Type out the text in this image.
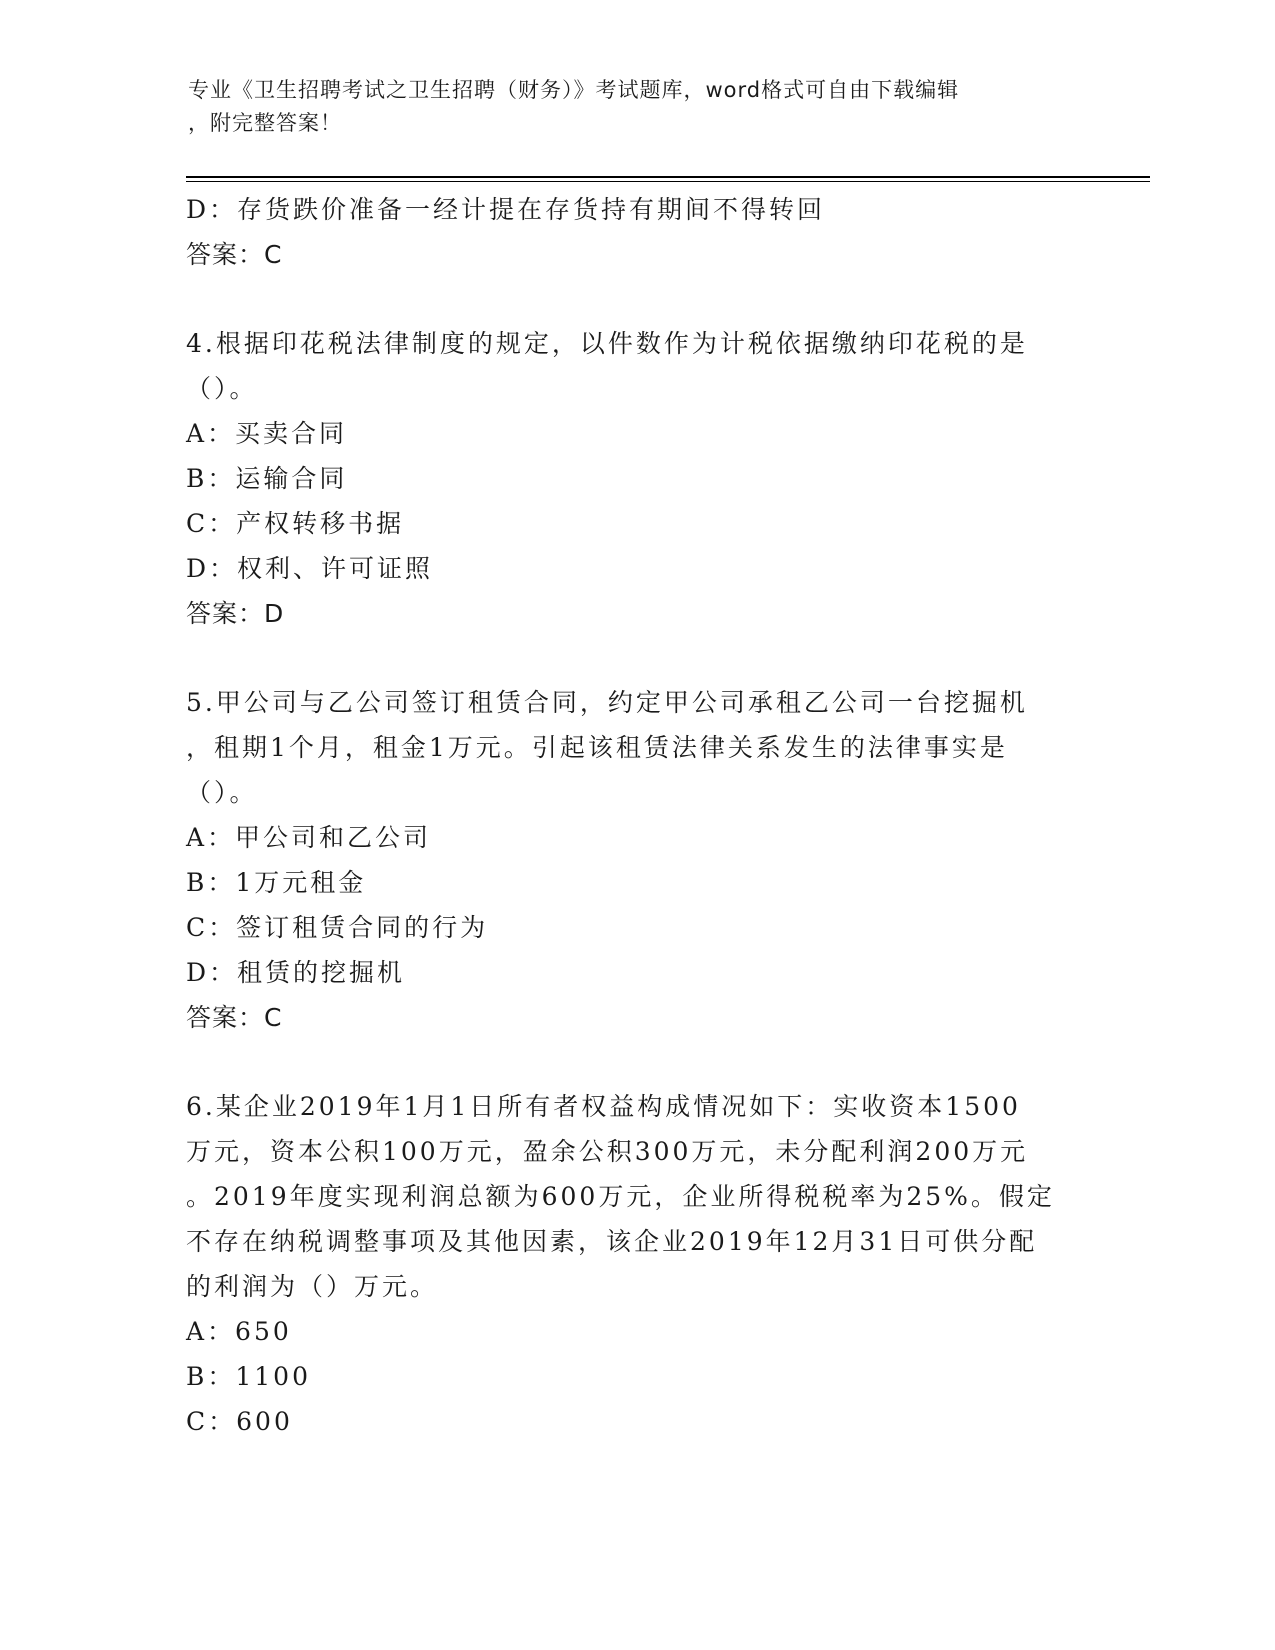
专业《卫生招聘考试之卫生招聘（财务）》考试题库，word格式可自由下载编辑
，附完整答案！
D：存货跌价准备一经计提在存货持有期间不得转回
答案：C
4.根据印花税法律制度的规定，以件数作为计税依据缴纳印花税的是
（）。
A：买卖合同
B：运输合同
C：产权转移书据
D：权利、许可证照
答案：D
5.甲公司与乙公司签订租赁合同，约定甲公司承租乙公司一台挖掘机
，租期1个月，租金1万元。引起该租赁法律关系发生的法律事实是
（）。
A：甲公司和乙公司
B：1万元租金
C：签订租赁合同的行为
D：租赁的挖掘机
答案：C
6.某企业2019年1月1日所有者权益构成情况如下：实收资本1500
万元，资本公积100万元，盈余公积300万元，未分配利润200万元
。2019年度实现利润总额为600万元，企业所得税税率为25%。假定
不存在纳税调整事项及其他因素，该企业2019年12月31日可供分配
的利润为（）万元。
A：650
B：1100
C：600
